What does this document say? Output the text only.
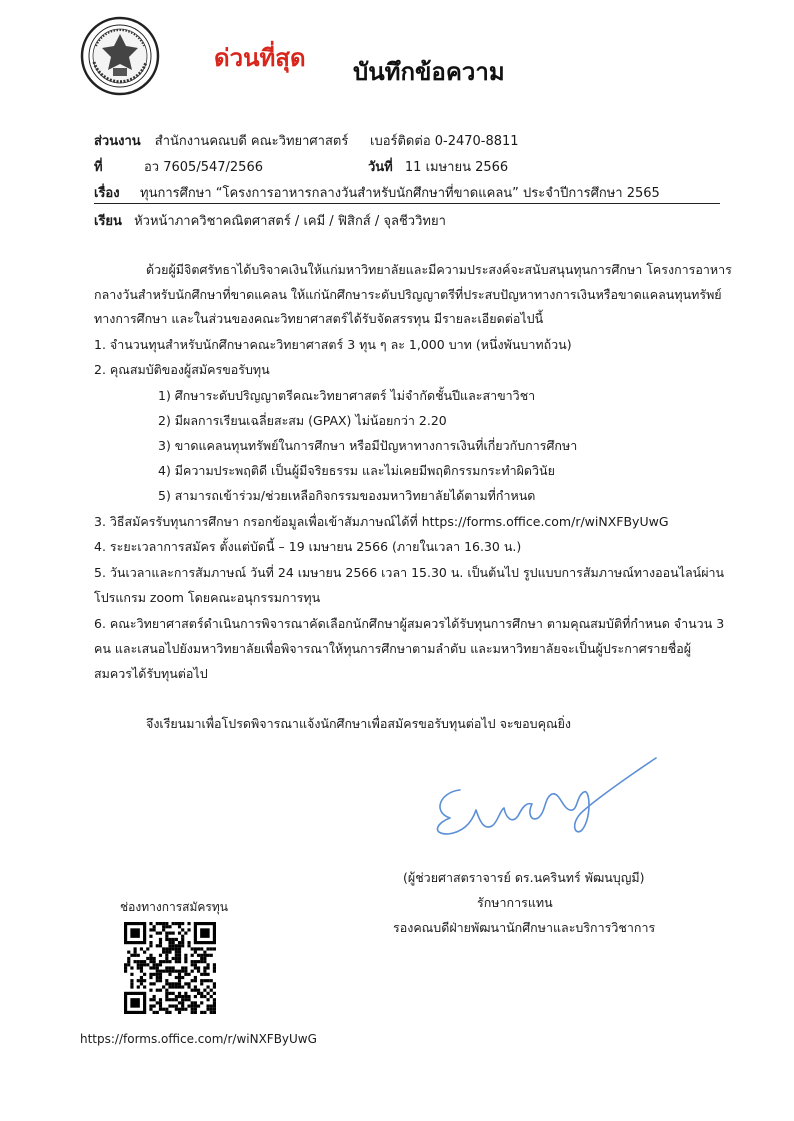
ด่วนที่สุด บันทึกข้อความ
ส่วนงาน สำนักงานคณบดี คณะวิทยาศาสตร์ เบอร์ติดต่อ 0-2470-8811
ที่	อว 7605/547/2566	วันที่ 11 เมษายน 2566
เรื่อง ทุนการศึกษา “โครงการอาหารกลางวันสำหรับนักศึกษาที่ขาดแคลน” ประจำปีการศึกษา 2565
เรียน หัวหน้าภาควิชาคณิตศาสตร์ / เคมี / ฟิสิกส์ / จุลชีววิทยา
ด้วยผู้มีจิตศรัทธาได้บริจาคเงินให้แก่มหาวิทยาลัยและมีความประสงค์จะสนับสนุนทุนการศึกษา โครงการอาหาร
กลางวันสำหรับนักศึกษาที่ขาดแคลน ให้แก่นักศึกษาระดับปริญญาตรีที่ประสบปัญหาทางการเงินหรือขาดแคลนทุนทรัพย์
ทางการศึกษา และในส่วนของคณะวิทยาศาสตร์ได้รับจัดสรรทุน มีรายละเอียดต่อไปนี้
1. จำนวนทุนสำหรับนักศึกษาคณะวิทยาศาสตร์ 3 ทุน ๆ ละ 1,000 บาท (หนึ่งพันบาทถ้วน)
2. คุณสมบัติของผู้สมัครขอรับทุน
1) ศึกษาระดับปริญญาตรีคณะวิทยาศาสตร์ ไม่จำกัดชั้นปีและสาขาวิชา
2) มีผลการเรียนเฉลี่ยสะสม (GPAX) ไม่น้อยกว่า 2.20
3) ขาดแคลนทุนทรัพย์ในการศึกษา หรือมีปัญหาทางการเงินที่เกี่ยวกับการศึกษา
4) มีความประพฤติดี เป็นผู้มีจริยธรรม และไม่เคยมีพฤติกรรมกระทำผิดวินัย
5) สามารถเข้าร่วม/ช่วยเหลือกิจกรรมของมหาวิทยาลัยได้ตามที่กำหนด
3. วิธีสมัครรับทุนการศึกษา กรอกข้อมูลเพื่อเข้าสัมภาษณ์ได้ที่ https://forms.office.com/r/wiNXFByUwG
4. ระยะเวลาการสมัคร ตั้งแต่บัดนี้ – 19 เมษายน 2566 (ภายในเวลา 16.30 น.)
5. วันเวลาและการสัมภาษณ์ วันที่ 24 เมษายน 2566 เวลา 15.30 น. เป็นต้นไป รูปแบบการสัมภาษณ์ทางออนไลน์ผ่าน
โปรแกรม zoom โดยคณะอนุกรรมการทุน
6. คณะวิทยาศาสตร์ดำเนินการพิจารณาคัดเลือกนักศึกษาผู้สมควรได้รับทุนการศึกษา ตามคุณสมบัติที่กำหนด จำนวน 3
คน และเสนอไปยังมหาวิทยาลัยเพื่อพิจารณาให้ทุนการศึกษาตามลำดับ และมหาวิทยาลัยจะเป็นผู้ประกาศรายชื่อผู้
สมควรได้รับทุนต่อไป
จึงเรียนมาเพื่อโปรดพิจารณาแจ้งนักศึกษาเพื่อสมัครขอรับทุนต่อไป จะขอบคุณยิ่ง
(ผู้ช่วยศาสตราจารย์ ดร.นครินทร์ พัฒนบุญมี)
รักษาการแทน
รองคณบดีฝ่ายพัฒนานักศึกษาและบริการวิชาการ
ช่องทางการสมัครทุน
https://forms.office.com/r/wiNXFByUwG
